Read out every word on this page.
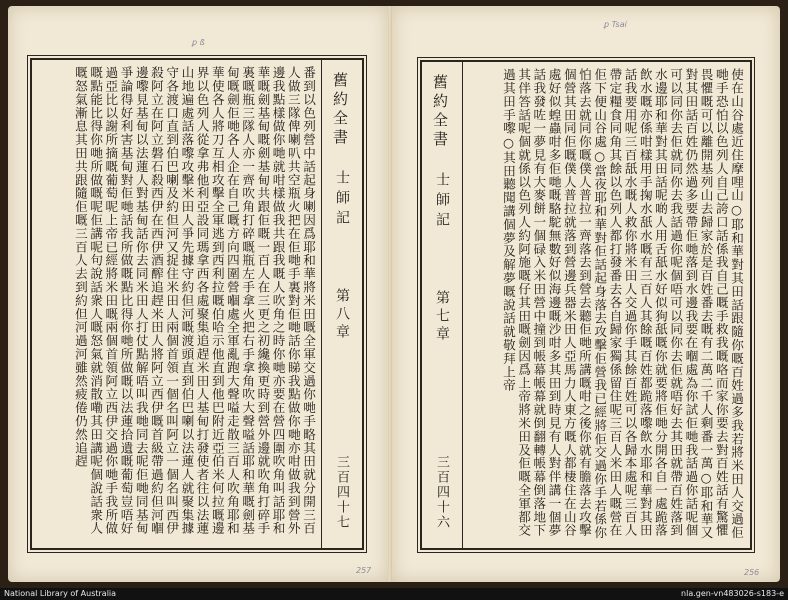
ꝑ ß
番到以色列營中話起身喇因爲耶和華將米田嘅全軍交過你哋手略其田就分開三百人做三隊俾喇叭共空瓶火把在佢哋手裏對佢哋話你睇我點做你哋亦咁做我到營外邊我點樣做你哋就咁樣做我共跟我嘅人吹角之時你哋亦要在營四圍吹角叫話耶和華嘅劍基甸嘅劍基甸共跟佢嘅一百人在三更之初纔換更時到營外邊就吹角打碎手裏嘅瓶三隊人亦一齊吹角打碎嘅瓶左手拿火把右手拿角吹大聲嗌話耶和華嘅劍基甸嘅劍佢哋各人企在自己嘅方向四圍營嗰處全軍亂跑大聲嗌走散三百人吹角耶和華使各人將刀互相攻擊全軍逃到西利拉嘅伯哈示他直到他巴附近亞伯米何拉嘅邊界以色列人從拿弗他利亞設同瑪拿西各處聚集追趕米田人基甸打發使者往以法蓮山地遍處話落嚟攻擊米田人爭先據守約但河嘅渡頭直到伯巴喇以法蓮人就聚集據守各渡口直到伯巴喇及約但河又捉住米田人兩個首領一個名叫阿立一個名叫西伊殺阿立在阿立磐石殺西伊在西伊酒醡追趕米田人將阿立西伊嘅首級帶過約但河嗰邊嚟見基甸以法蓮人對基甸話你去同米田人打仗點解唔叫我哋同去呢佢哋同基甸爭論得好利害基甸對佢哋話我所做嘅點比得你哋所做嘅以法蓮拾遺嘅葡萄豈唔好過亞比以謝所摘嘅葡萄呢上帝已經將米田嘅兩個首領阿立西伊交過你哋手我所做嘅點能比得你哋所做嘅呢佢講呢句說話衆人嘅怒氣就消散嘞其田講呢個說話衆人嘅怒氣漸息其田共跟隨佢嘅三百人去到約但河過河雖然疲倦仍然追趕	舊約全書
士師記
第八章
三百四十七
257
ꝑ Tsai
舊約全書
士師記
第七章
三百四十六	使在山谷處近住摩哩山○耶和華對其田話跟隨你嘅百姓過多我若將米田人交過佢哋手恐怕以色列人自己誇口話係我自己嘅手救我嘅咯而家你要去對百姓話有驚懼畏懼嘅可以離開基列山去歸家於是百姓番去嘅有二萬二千人剩番一萬○耶和華又對其田話百姓仍然過多要帶佢哋落到水邊我要在嗰處為你試佢哋我話過你話呢個可以同你去佢就同你去我話過你呢個唔可以同你去佢就唔好去其田就帶百姓落到水邊耶和華對其田話呢啲人用舌舐水好似狗舐嘅你就要將佢哋分開各自一處跪落飲水嘅亦係咁樣用手掬水舐水嘅有三百人其餘嘅百姓都跪落嚟飲水耶和華對其田話我要用呢三百舐水嘅人救你將米田人交過你手其餘百姓可以各歸本處呢三百人帶定糧食同角其餘以色列人都打發番去各自歸家獨係留住呢三百人米田人嘅營在佢下便山谷處○當夜耶和華對佢話起身落去攻擊佢營我已經將佢交過你手若係你怕落去就同你嘅僕人普拉一齊落去到營去聽佢哋所講嘅咁之後你就有膽落去攻擊個營其田同佢嘅僕人普拉就落到營邊兵器米田人亞馬力人東方嘅人都棲住在山谷處好似蝗蟲咁多佢哋嘅駱駝無數好似海邊嘅沙咁多其田到時見有人對伴講一個夢話我發咗一夢見有大麥餅一個碌入米田營中撞到帳幕帳幕就倒翻轉帳幕倒落地下其伴答話呢個就係以色列人約阿施嘅仔其田嘅劍因爲上帝將米田及佢嘅全軍都交過其田手嚟○其田聽聞講個夢及解夢嘅說話就敬拜上帝
256
National Library of Australia	nla.gen-vn483026-s183-e
